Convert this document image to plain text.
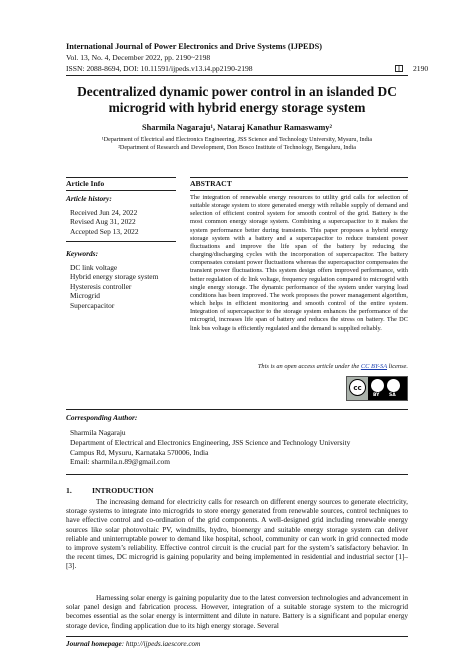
International Journal of Power Electronics and Drive Systems (IJPEDS)
Vol. 13, No. 4, December 2022, pp. 2190~2198
ISSN: 2088-8694, DOI: 10.11591/ijpeds.v13.i4.pp2190-2198	2190
Decentralized dynamic power control in an islanded DC
microgrid with hybrid energy storage system
Sharmila Nagaraju¹, Nataraj Kanathur Ramaswamy²
¹Department of Electrical and Electronics Engineering, JSS Science and Technology University, Mysuru, India
²Department of Research and Development, Don Bosco Institute of Technology, Bengaluru, India
Article Info
Article history:
Received Jun 24, 2022
Revised Aug 31, 2022
Accepted Sep 13, 2022
Keywords:
DC link voltage
Hybrid energy storage system
Hysteresis controller
Microgrid
Supercapacitor
ABSTRACT
The integration of renewable energy resources to utility grid calls for selection of suitable storage system to store generated energy with reliable supply of demand and selection of efficient control system for smooth control of the grid. Battery is the most common energy storage system. Combining a supercapacitor to it makes the system performance better during transients. This paper proposes a hybrid energy storage system with a battery and a supercapacitor to reduce transient power fluctuations and improve the life span of the battery by reducing the charging/discharging cycles with the incorporation of supercapacitor. The battery compensates constant power fluctuations whereas the supercapacitor compensates the transient power fluctuations. This system design offers improved performance, with better regulation of dc link voltage, frequency regulation compared to microgrid with single energy storage. The dynamic performance of the system under varying load conditions has been improved. The work proposes the power management algorithm, which helps in efficient monitoring and smooth control of the entire system. Integration of supercapacitor to the storage system enhances the performance of the microgrid, increases life span of battery and reduces the stress on battery. The DC link bus voltage is efficiently regulated and the demand is supplied reliably.
This is an open access article under the CC BY-SA license.
cc
BY SA
Corresponding Author:
Sharmila Nagaraju
Department of Electrical and Electronics Engineering, JSS Science and Technology University
Campus Rd, Mysuru, Karnataka 570006, India
Email: sharmila.n.89@gmail.com
1.	INTRODUCTION
The increasing demand for electricity calls for research on different energy sources to generate electricity, storage systems to integrate into microgrids to store energy generated from renewable sources, control techniques to have effective control and co-ordination of the grid components. A well-designed grid including renewable energy sources like solar photovoltaic PV, windmills, hydro, bioenergy and suitable energy storage system can deliver reliable and uninterruptable power to demand like hospital, school, community or can work in grid connected mode to improve system’s reliability. Effective control circuit is the crucial part for the system’s satisfactory behavior. In the recent times, DC microgrid is gaining popularity and being implemented in residential and industrial sector [1]–[3].
Harnessing solar energy is gaining popularity due to the latest conversion technologies and advancement in solar panel design and fabrication process. However, integration of a suitable storage system to the microgrid becomes essential as the solar energy is intermittent and dilute in nature. Battery is a significant and popular energy storage device, finding application due to its high energy storage. Several
Journal homepage: http://ijpeds.iaescore.com
